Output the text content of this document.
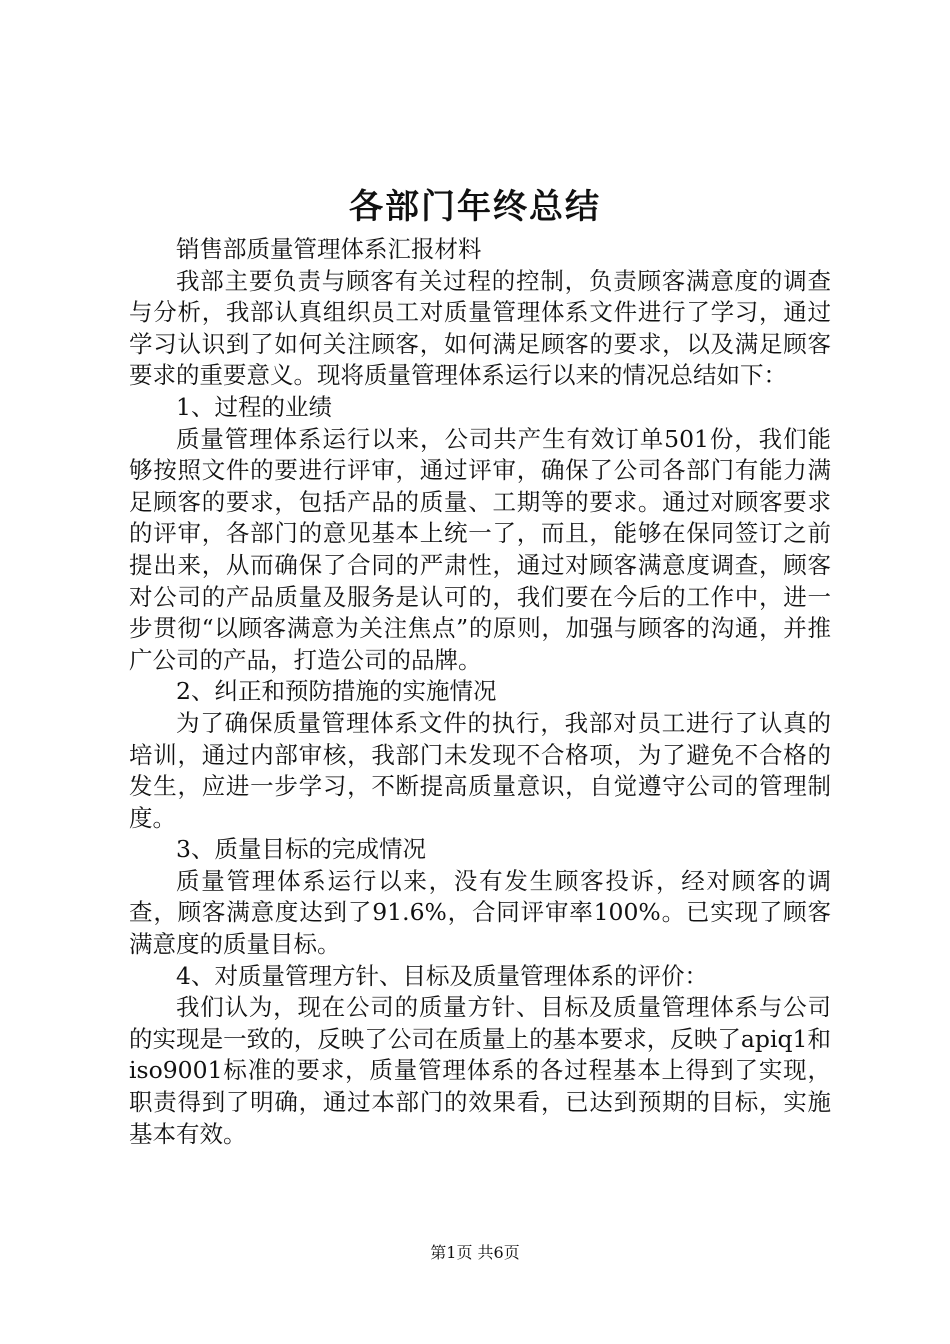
各部门年终总结

销售部质量管理体系汇报材料

我部主要负责与顾客有关过程的控制，负责顾客满意度的调查与分析，我部认真组织员工对质量管理体系文件进行了学习，通过学习认识到了如何关注顾客，如何满足顾客的要求，以及满足顾客要求的重要意义。现将质量管理体系运行以来的情况总结如下：

1、过程的业绩

质量管理体系运行以来，公司共产生有效订单501份，我们能够按照文件的要进行评审，通过评审，确保了公司各部门有能力满足顾客的要求，包括产品的质量、工期等的要求。通过对顾客要求的评审，各部门的意见基本上统一了，而且，能够在保同签订之前提出来，从而确保了合同的严肃性，通过对顾客满意度调查，顾客对公司的产品质量及服务是认可的，我们要在今后的工作中，进一步贯彻“以顾客满意为关注焦点”的原则，加强与顾客的沟通，并推广公司的产品，打造公司的品牌。

2、纠正和预防措施的实施情况

为了确保质量管理体系文件的执行，我部对员工进行了认真的培训，通过内部审核，我部门未发现不合格项，为了避免不合格的发生，应进一步学习，不断提高质量意识，自觉遵守公司的管理制度。

3、质量目标的完成情况

质量管理体系运行以来，没有发生顾客投诉，经对顾客的调查，顾客满意度达到了91.6%，合同评审率100%。已实现了顾客满意度的质量目标。

4、对质量管理方针、目标及质量管理体系的评价：

我们认为，现在公司的质量方针、目标及质量管理体系与公司的实现是一致的，反映了公司在质量上的基本要求，反映了apiq1和iso9001标准的要求，质量管理体系的各过程基本上得到了实现，职责得到了明确，通过本部门的效果看，已达到预期的目标，实施基本有效。

第1页 共6页
